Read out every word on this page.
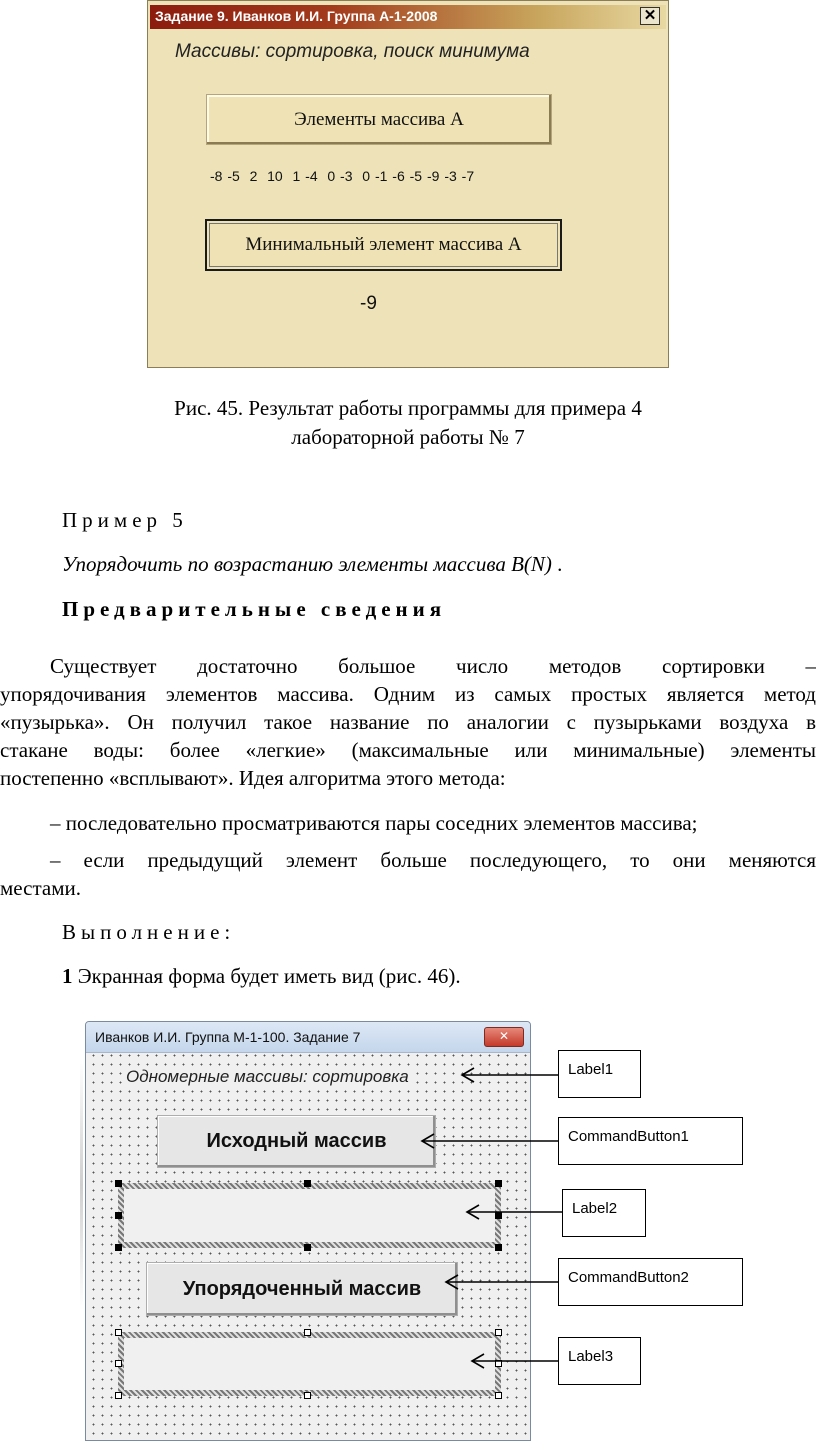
Задание 9. Иванков И.И. Группа А-1-2008	✕
Массивы: сортировка, поиск минимума
Элементы массива А
-8 -5  2  10  1 -4  0 -3  0 -1 -6 -5 -9 -3 -7
Минимальный элемент массива А
-9
Рис. 45. Результат работы программы для примера 4
лабораторной работы № 7
Пример 5
Упорядочить по возрастанию элементы массива B(N) .
Предварительные сведения
Существует достаточно большое число методов сортировки –
упорядочивания элементов массива. Одним из самых простых является метод
«пузырька». Он получил такое название по аналогии с пузырьками воздуха в
стакане воды: более «легкие» (максимальные или минимальные) элементы
постепенно «всплывают». Идея алгоритма этого метода:
– последовательно просматриваются пары соседних элементов массива;
– если предыдущий элемент больше последующего, то они меняются
местами.
Выполнение:
1 Экранная форма будет иметь вид (рис. 46).
Иванков И.И. Группа М-1-100. Задание 7	✕
Одномерные массивы: сортировка
Исходный массив
Упорядоченный массив
Label1
CommandButton1
Label2
CommandButton2
Label3
